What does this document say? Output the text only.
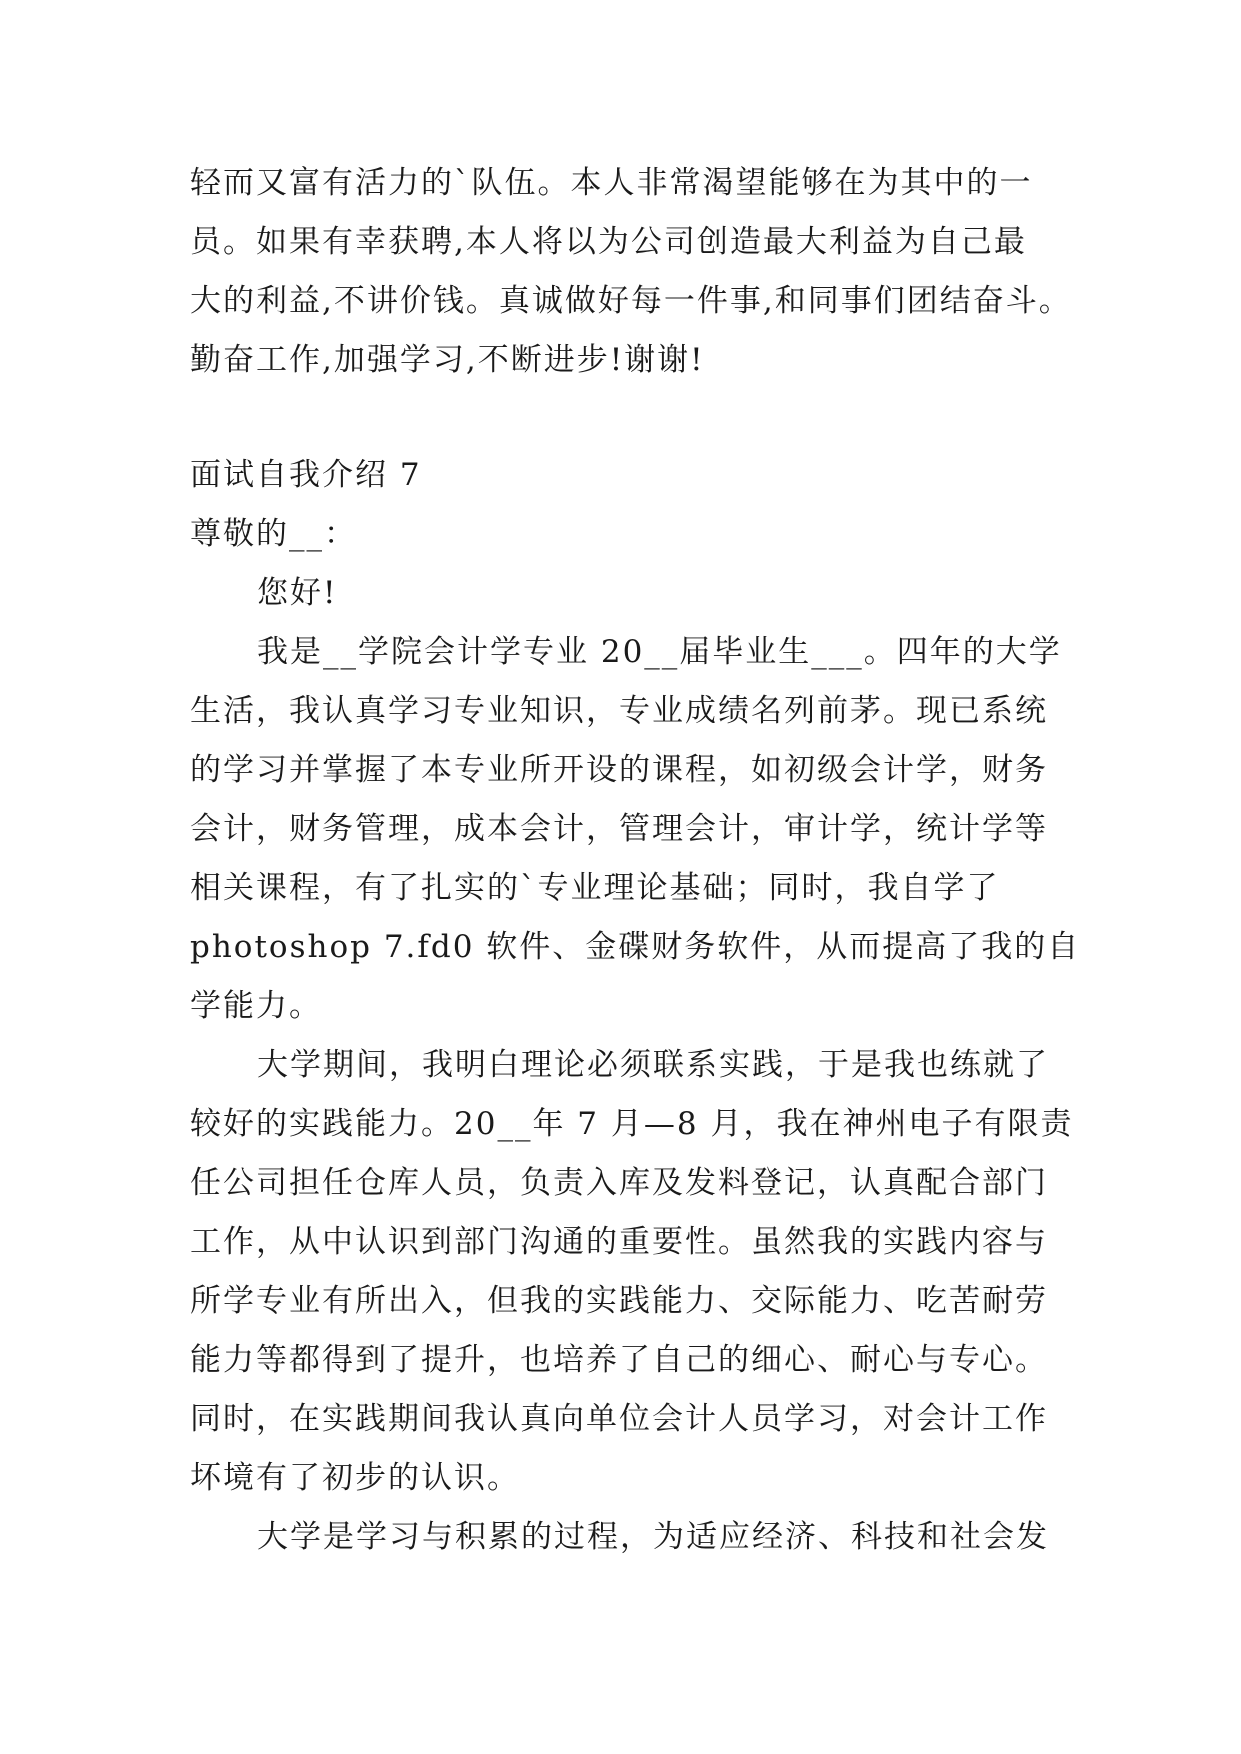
轻而又富有活力的`队伍。本人非常渴望能够在为其中的一
员。如果有幸获聘,本人将以为公司创造最大利益为自己最
大的利益,不讲价钱。真诚做好每一件事,和同事们团结奋斗。
勤奋工作,加强学习,不断进步!谢谢!
面试自我介绍 7
尊敬的__：
您好!
我是__学院会计学专业 20__届毕业生___。四年的大学
生活，我认真学习专业知识，专业成绩名列前茅。现已系统
的学习并掌握了本专业所开设的课程，如初级会计学，财务
会计，财务管理，成本会计，管理会计，审计学，统计学等
相关课程，有了扎实的`专业理论基础；同时，我自学了
photoshop 7.fd0 软件、金碟财务软件，从而提高了我的自
学能力。
大学期间，我明白理论必须联系实践，于是我也练就了
较好的实践能力。20__年 7 月—8 月，我在神州电子有限责
任公司担任仓库人员，负责入库及发料登记，认真配合部门
工作，从中认识到部门沟通的重要性。虽然我的实践内容与
所学专业有所出入，但我的实践能力、交际能力、吃苦耐劳
能力等都得到了提升，也培养了自己的细心、耐心与专心。
同时，在实践期间我认真向单位会计人员学习，对会计工作
坏境有了初步的认识。
大学是学习与积累的过程，为适应经济、科技和社会发
